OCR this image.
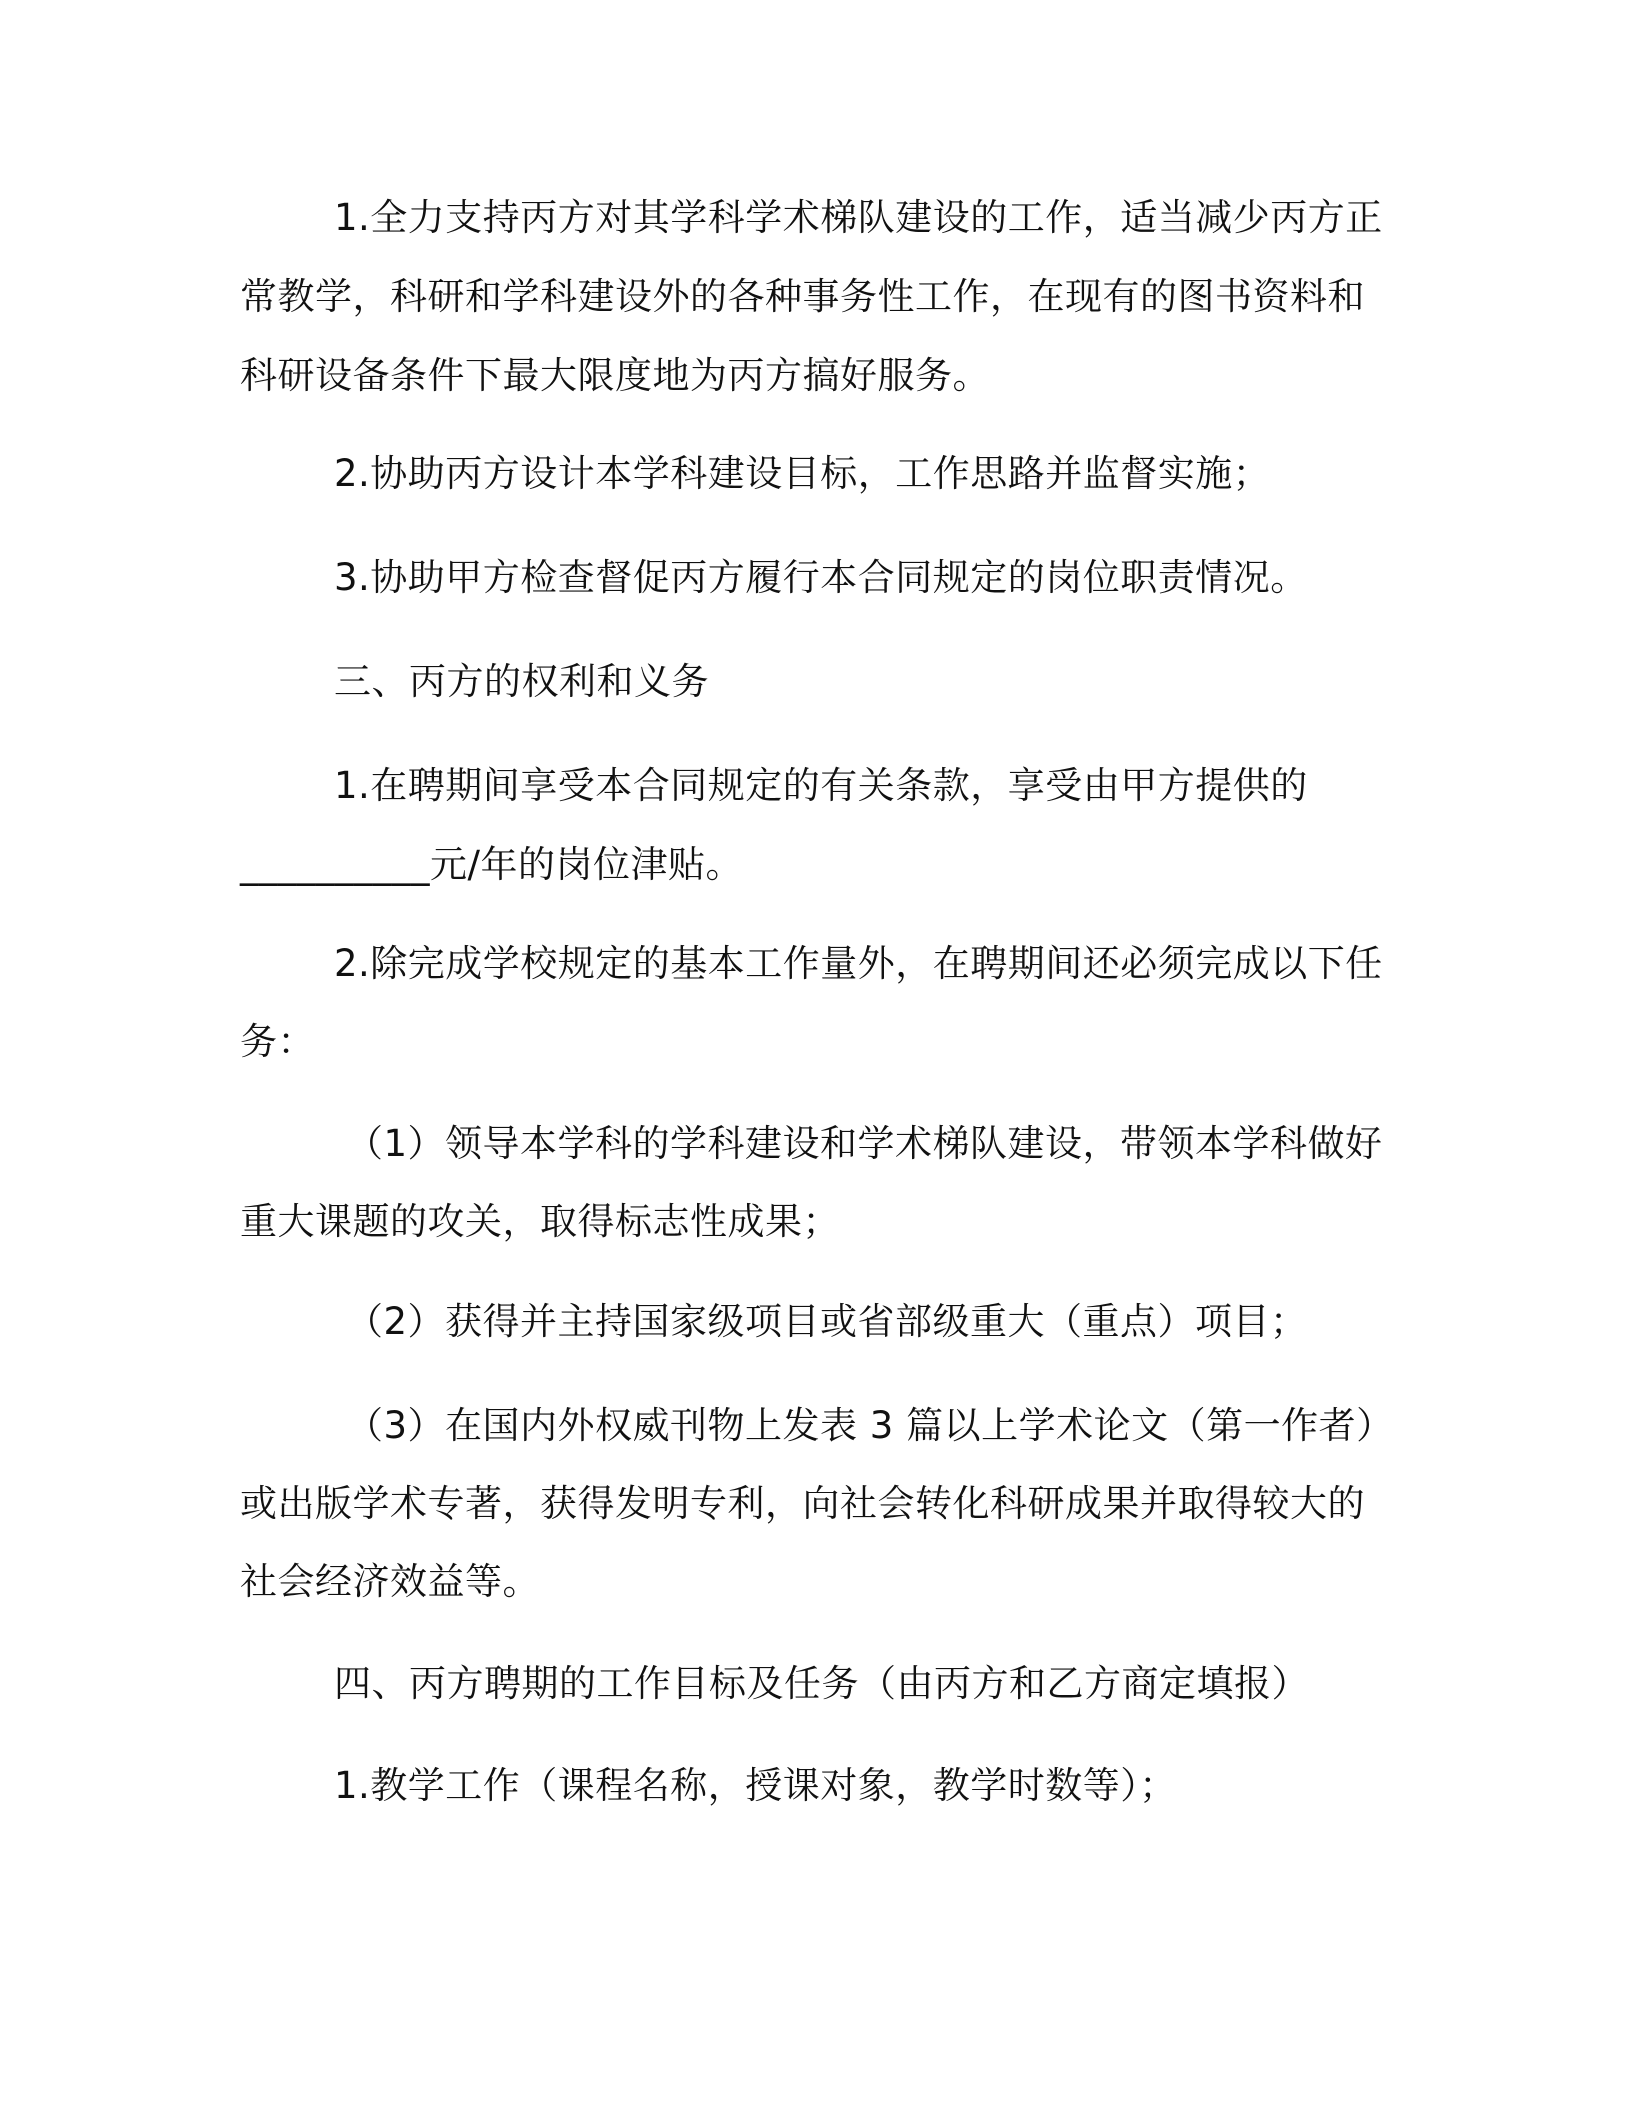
1.全力支持丙方对其学科学术梯队建设的工作，适当减少丙方正

常教学，科研和学科建设外的各种事务性工作，在现有的图书资料和

科研设备条件下最大限度地为丙方搞好服务。

2.协助丙方设计本学科建设目标，工作思路并监督实施；

3.协助甲方检查督促丙方履行本合同规定的岗位职责情况。

三、丙方的权利和义务

1.在聘期间享受本合同规定的有关条款，享受由甲方提供的

__________元/年的岗位津贴。

2.除完成学校规定的基本工作量外，在聘期间还必须完成以下任

务：

（1）领导本学科的学科建设和学术梯队建设，带领本学科做好

重大课题的攻关，取得标志性成果；

（2）获得并主持国家级项目或省部级重大（重点）项目；

（3）在国内外权威刊物上发表 3 篇以上学术论文（第一作者）

或出版学术专著，获得发明专利，向社会转化科研成果并取得较大的

社会经济效益等。

四、丙方聘期的工作目标及任务（由丙方和乙方商定填报）

1.教学工作（课程名称，授课对象，教学时数等）；
